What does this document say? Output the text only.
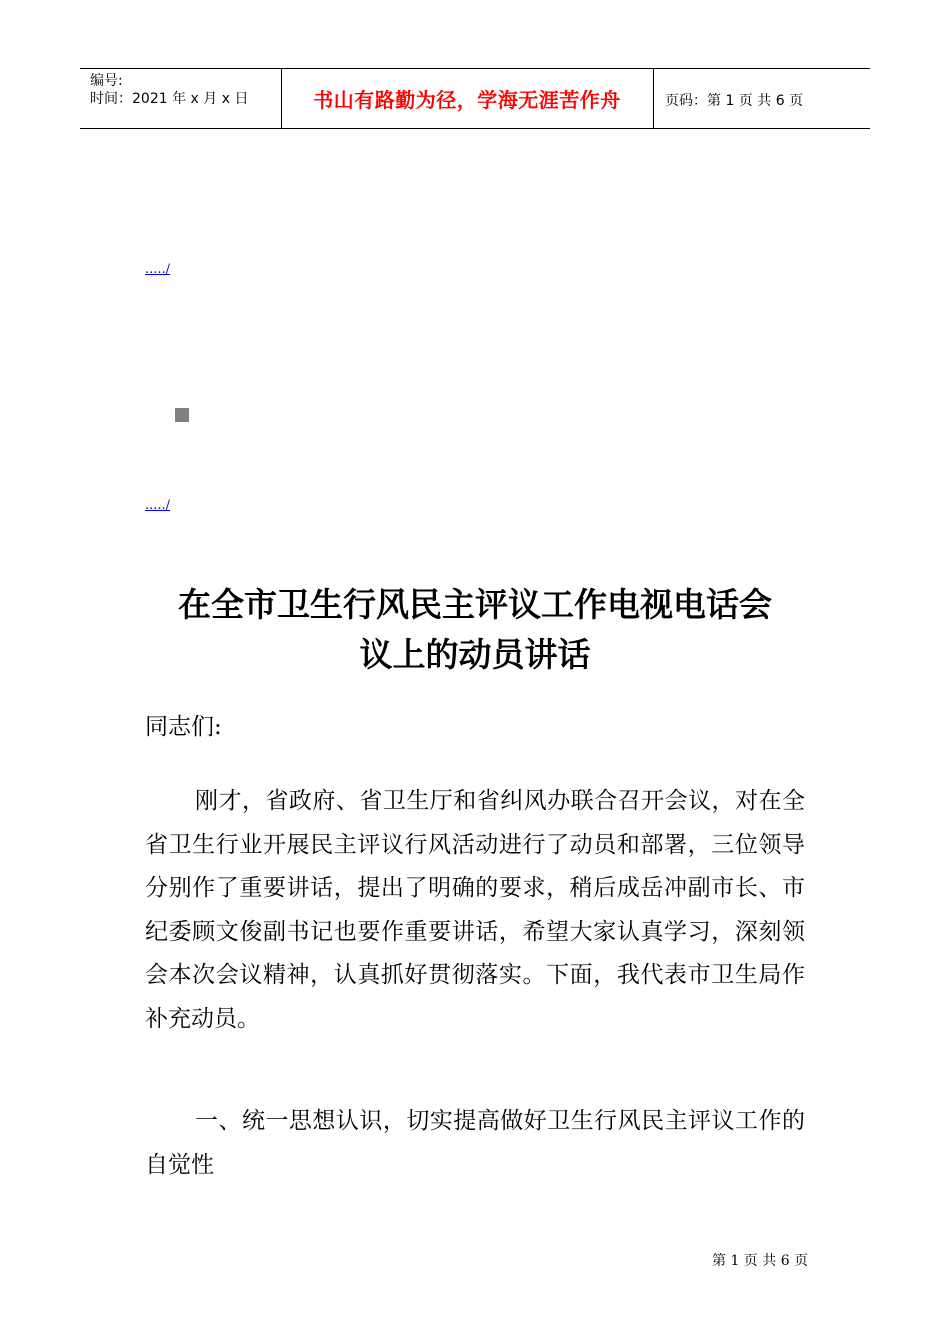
编号:
时间：2021 年 x 月 x 日	书山有路勤为径，学海无涯苦作舟	页码：第 1 页 共 6 页
...../
...../
在全市卫生行风民主评议工作电视电话会
议上的动员讲话
同志们:
刚才，省政府、省卫生厅和省纠风办联合召开会议，对在全省卫生行业开展民主评议行风活动进行了动员和部署，三位领导分别作了重要讲话，提出了明确的要求，稍后成岳冲副市长、市纪委顾文俊副书记也要作重要讲话，希望大家认真学习，深刻领会本次会议精神，认真抓好贯彻落实。下面，我代表市卫生局作补充动员。
一、统一思想认识，切实提高做好卫生行风民主评议工作的自觉性
第 1 页 共 6 页
